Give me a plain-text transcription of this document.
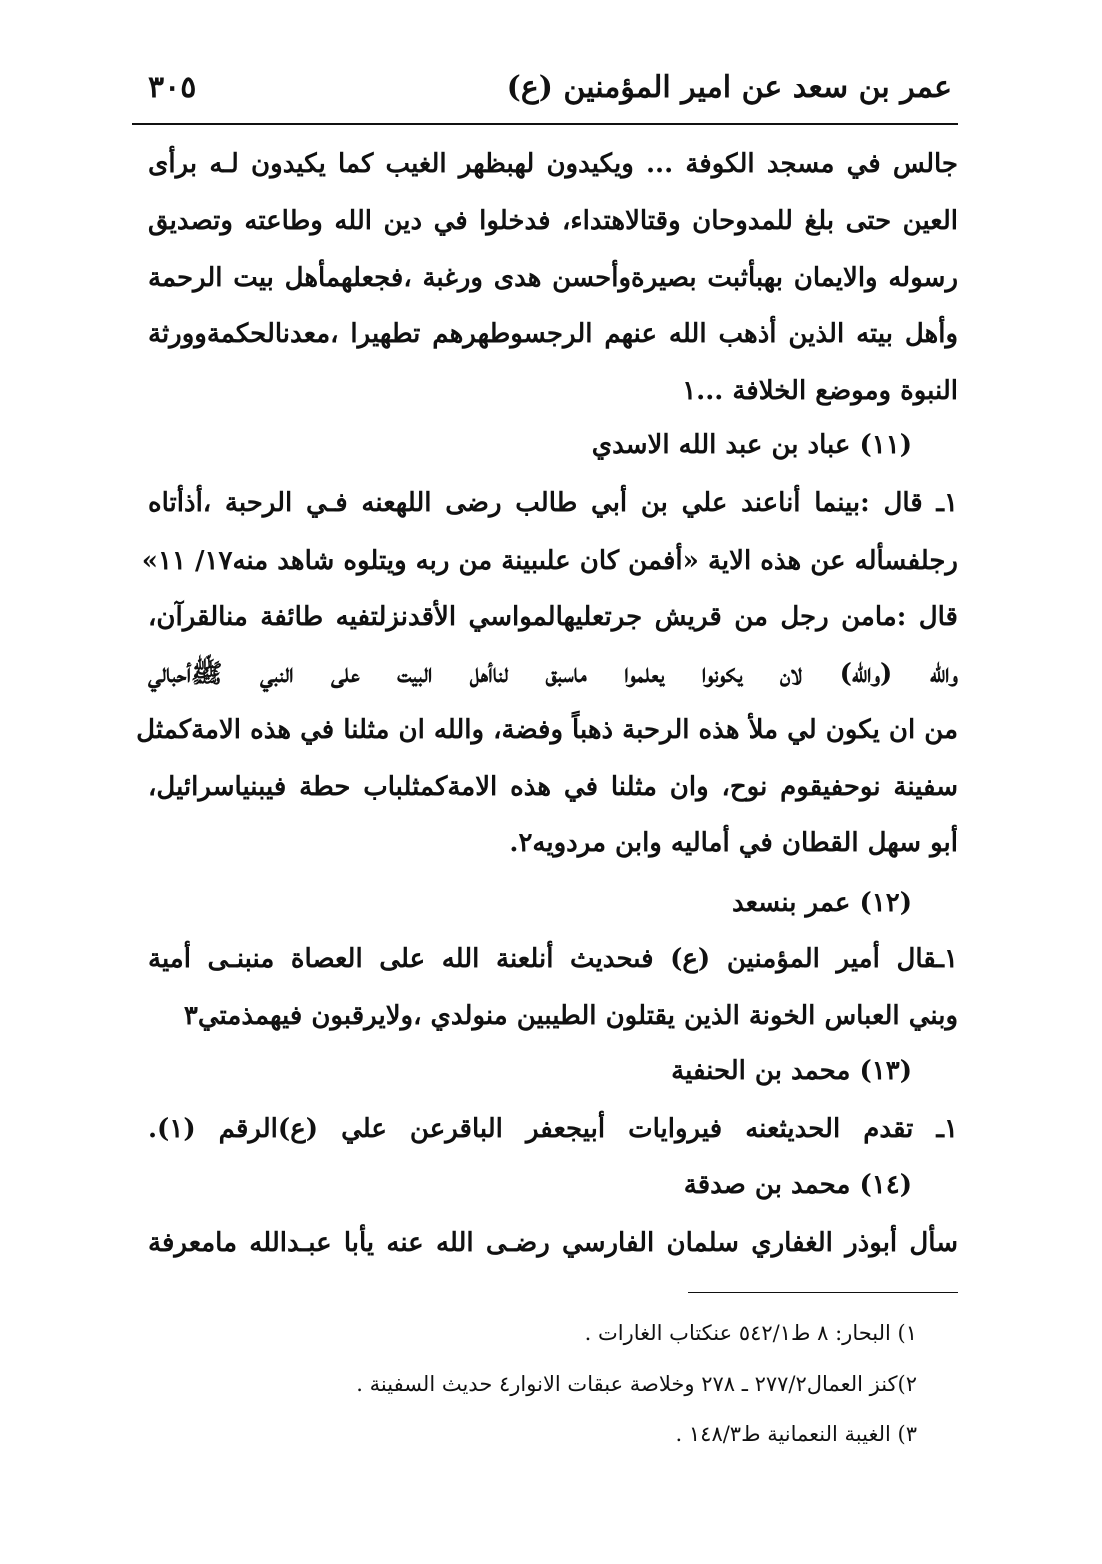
عمر بن سعد عن امير المؤمنين (ع)
٣٠٥
جالس في مسجد الكوفة ... ويكيدون لهبظهر الغيب كما يكيدون لـه برأى
العين حتى بلغ للمدوحان وقتالاهتداء، فدخلوا في دين الله وطاعته وتصديق
رسوله والايمان بهبأثبت بصيرةوأحسن هدى ورغبة ،فجعلهمأهل بيت الرحمة
وأهل بيته الذين أذهب الله عنهم الرجسوطهرهم تطهيرا ،معدنالحكمةوورثة
النبوة وموضع الخلافة ...١
(١١) عباد بن عبد الله الاسدي
١ـ قال :بينما أناعند علي بن أبي طالب رضى اللهعنه فـي الرحبة ،أذأتاه
رجلفسأله عن هذه الاية «أفمن كان علىبينة من ربه ويتلوه شاهد منه١٧/ ١١»
قال :مامن رجل من قريش جرتعليهالمواسي الأقدنزلتفيه طائفة منالقرآن،
والله (والله) لان يكونوا يعلموا ماسبق لناأهل البيت على النبي ﷺأحبالي
من ان يكون لي ملأ هذه الرحبة ذهباً وفضة، والله ان مثلنا في هذه الامةكمثل
سفينة نوحفيقوم نوح، وان مثلنا في هذه الامةكمثلباب حطة فيبنياسرائيل،
أبو سهل القطان في أماليه وابن مردويه٢.
(١٢) عمر بنسعد
١ـقال أمير المؤمنين (ع) فىحديث أنلعنة الله على العصاة منبنـى أمية
وبني العباس الخونة الذين يقتلون الطيبين منولدي ،ولايرقبون فيهمذمتي٣
(١٣) محمد بن الحنفية
١ـ تقدم الحديثعنه فيروايات أبيجعفر الباقرعن علي (ع)الرقم (١).
(١٤) محمد بن صدقة
سأل أبوذر الغفاري سلمان الفارسي رضـى الله عنه يأبا عبـدالله مامعرفة
١) البحار: ٨ ط٥٤٢/١ عنكتاب الغارات .
٢)كنز العمال٢٧٧/٢ ـ ٢٧٨ وخلاصة عبقات الانوار٤ حديث السفينة .
٣) الغيبة النعمانية ط١٤٨/٣ .
